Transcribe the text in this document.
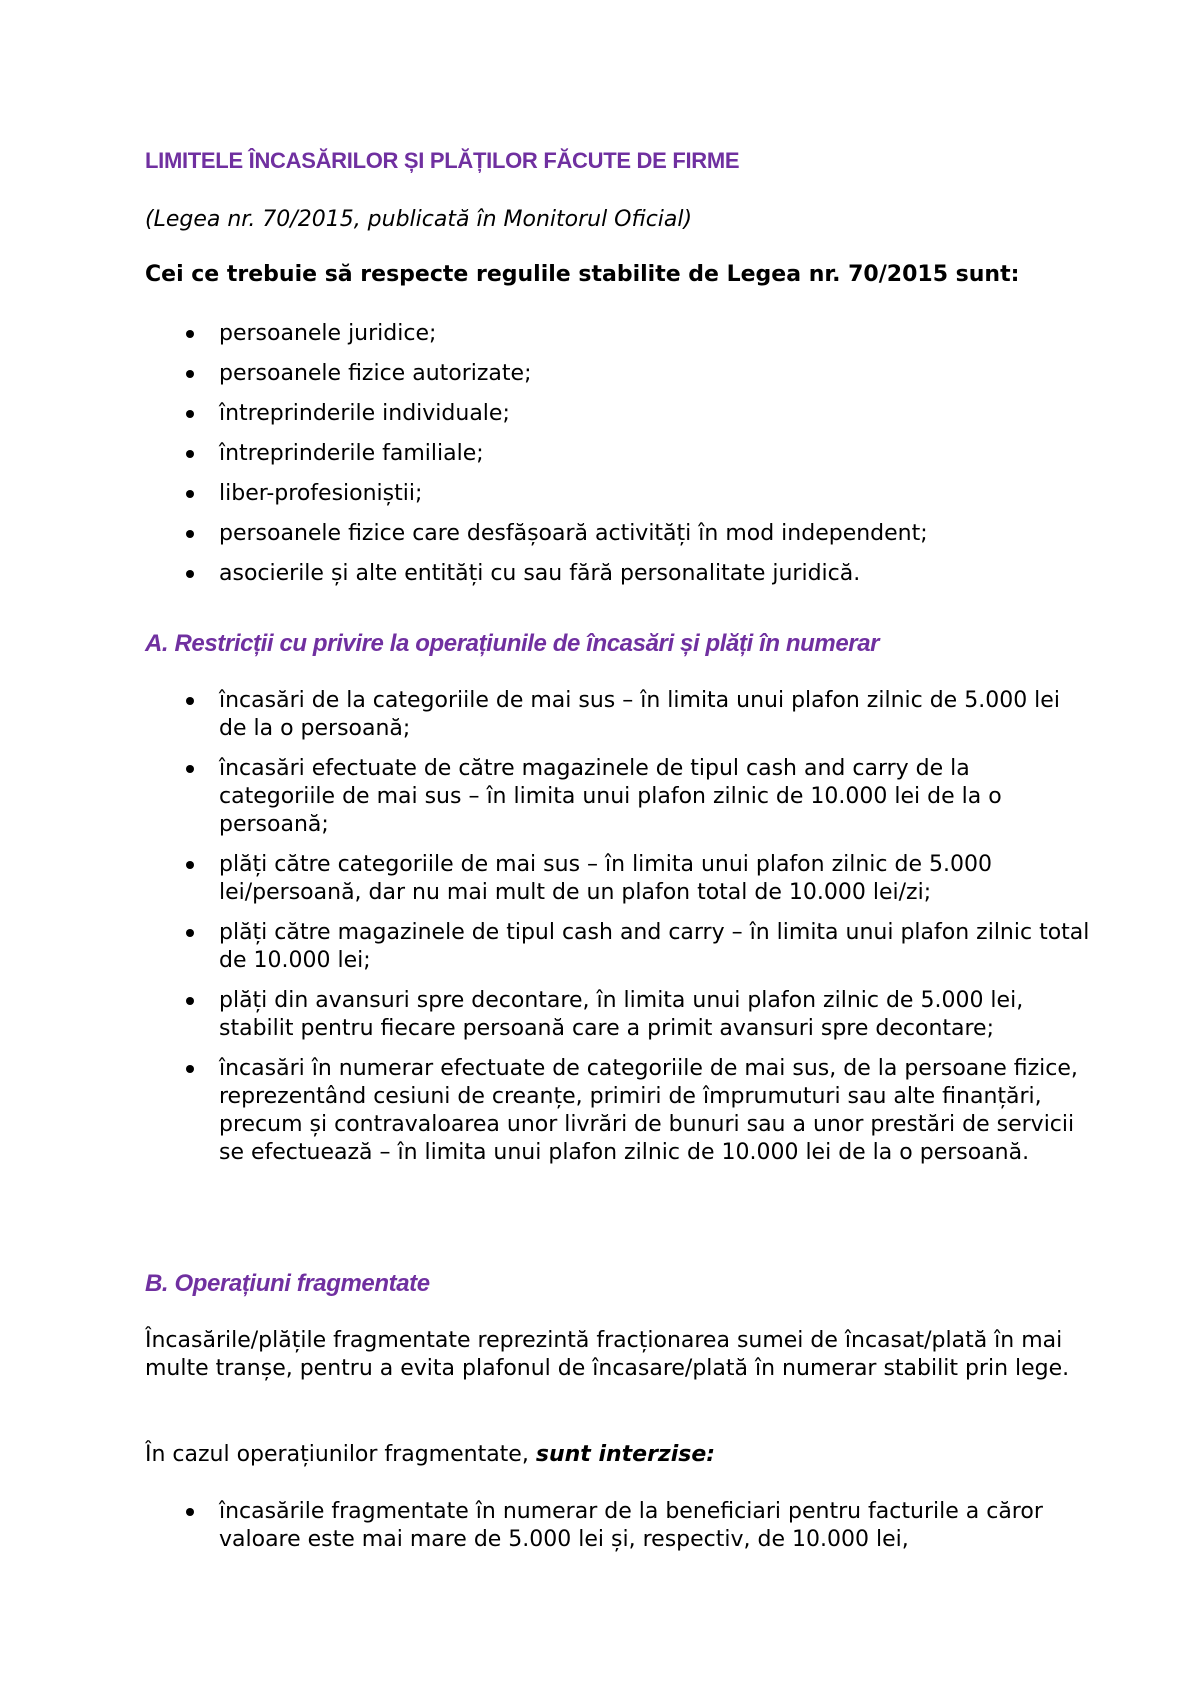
LIMITELE ÎNCASĂRILOR ȘI PLĂȚILOR FĂCUTE DE FIRME

(Legea nr. 70/2015, publicată în Monitorul Oficial)

Cei ce trebuie să respecte regulile stabilite de Legea nr. 70/2015 sunt:

persoanele juridice;
persoanele fizice autorizate;
întreprinderile individuale;
întreprinderile familiale;
liber-profesioniștii;
persoanele fizice care desfășoară activități în mod independent;
asocierile și alte entități cu sau fără personalitate juridică.
A. Restricții cu privire la operațiunile de încasări și plăți în numerar
încasări de la categoriile de mai sus – în limita unui plafon zilnic de 5.000 lei de la o persoană;
încasări efectuate de către magazinele de tipul cash and carry de la categoriile de mai sus – în limita unui plafon zilnic de 10.000 lei de la o persoană;
plăți către categoriile de mai sus – în limita unui plafon zilnic de 5.000 lei/persoană, dar nu mai mult de un plafon total de 10.000 lei/zi;
plăți către magazinele de tipul cash and carry – în limita unui plafon zilnic total de 10.000 lei;
plăți din avansuri spre decontare, în limita unui plafon zilnic de 5.000 lei, stabilit pentru fiecare persoană care a primit avansuri spre decontare;
încasări în numerar efectuate de categoriile de mai sus, de la persoane fizice, reprezentând cesiuni de creanțe, primiri de împrumuturi sau alte finanțări, precum și contravaloarea unor livrări de bunuri sau a unor prestări de servicii se efectuează – în limita unui plafon zilnic de 10.000 lei de la o persoană.
B. Operațiuni fragmentate

Încasările/plățile fragmentate reprezintă fracționarea sumei de încasat/plată în mai multe tranșe, pentru a evita plafonul de încasare/plată în numerar stabilit prin lege.

În cazul operațiunilor fragmentate, sunt interzise:

încasările fragmentate în numerar de la beneficiari pentru facturile a căror valoare este mai mare de 5.000 lei și, respectiv, de 10.000 lei,
